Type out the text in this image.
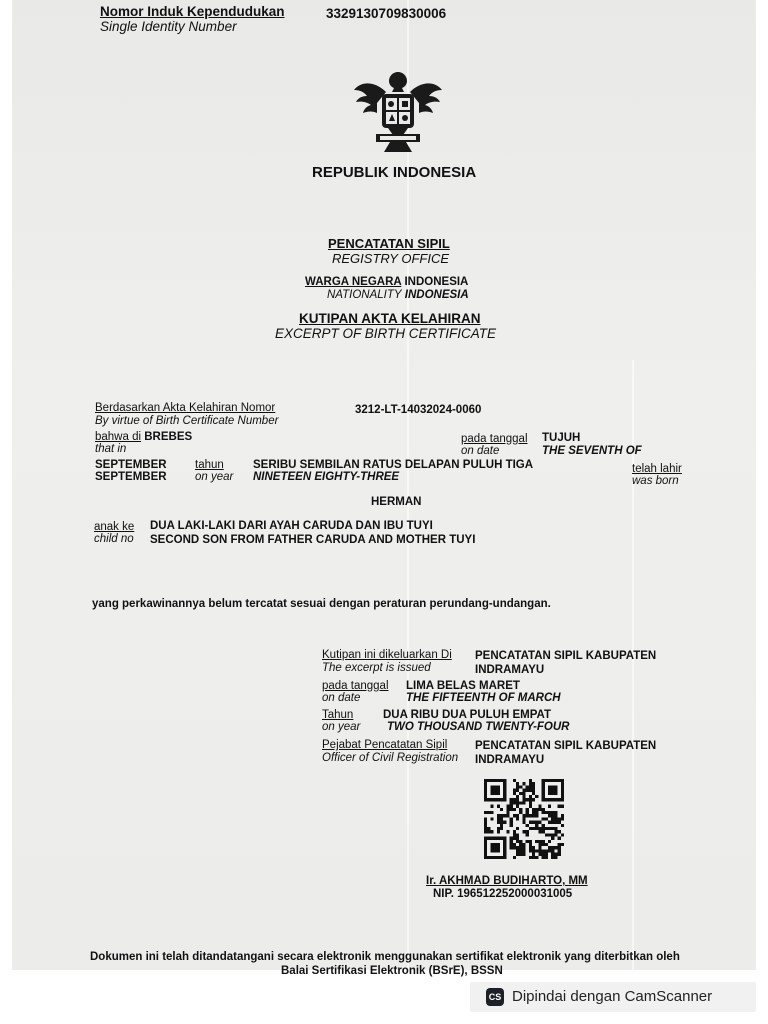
Nomor Induk Kependudukan
Single Identity Number
3329130709830006
REPUBLIK INDONESIA
PENCATATAN SIPIL
REGISTRY OFFICE
WARGA NEGARA INDONESIA
NATIONALITY INDONESIA
KUTIPAN AKTA KELAHIRAN
EXCERPT OF BIRTH CERTIFICATE
Berdasarkan Akta Kelahiran Nomor
By virtue of Birth Certificate Number
3212-LT-14032024-0060
bahwa di BREBES
that in
pada tanggal
on date
TUJUH
THE SEVENTH OF
SEPTEMBER
SEPTEMBER
tahun
on year
SERIBU SEMBILAN RATUS DELAPAN PULUH TIGA
NINETEEN EIGHTY-THREE
telah lahir
was born
HERMAN
anak ke
child no
DUA LAKI-LAKI DARI AYAH CARUDA DAN IBU TUYI
SECOND SON FROM FATHER CARUDA AND MOTHER TUYI
yang perkawinannya belum tercatat sesuai dengan peraturan perundang-undangan.
Kutipan ini dikeluarkan Di
The excerpt is issued
PENCATATAN SIPIL KABUPATEN
INDRAMAYU
pada tanggal
on date
LIMA BELAS MARET
THE FIFTEENTH OF MARCH
Tahun
on year
DUA RIBU DUA PULUH EMPAT
TWO THOUSAND TWENTY-FOUR
Pejabat Pencatatan Sipil
Officer of Civil Registration
PENCATATAN SIPIL KABUPATEN
INDRAMAYU
Ir. AKHMAD BUDIHARTO, MM
NIP. 196512252000031005
Dokumen ini telah ditandatangani secara elektronik menggunakan sertifikat elektronik yang diterbitkan oleh
Balai Sertifikasi Elektronik (BSrE), BSSN
CS Dipindai dengan CamScanner
